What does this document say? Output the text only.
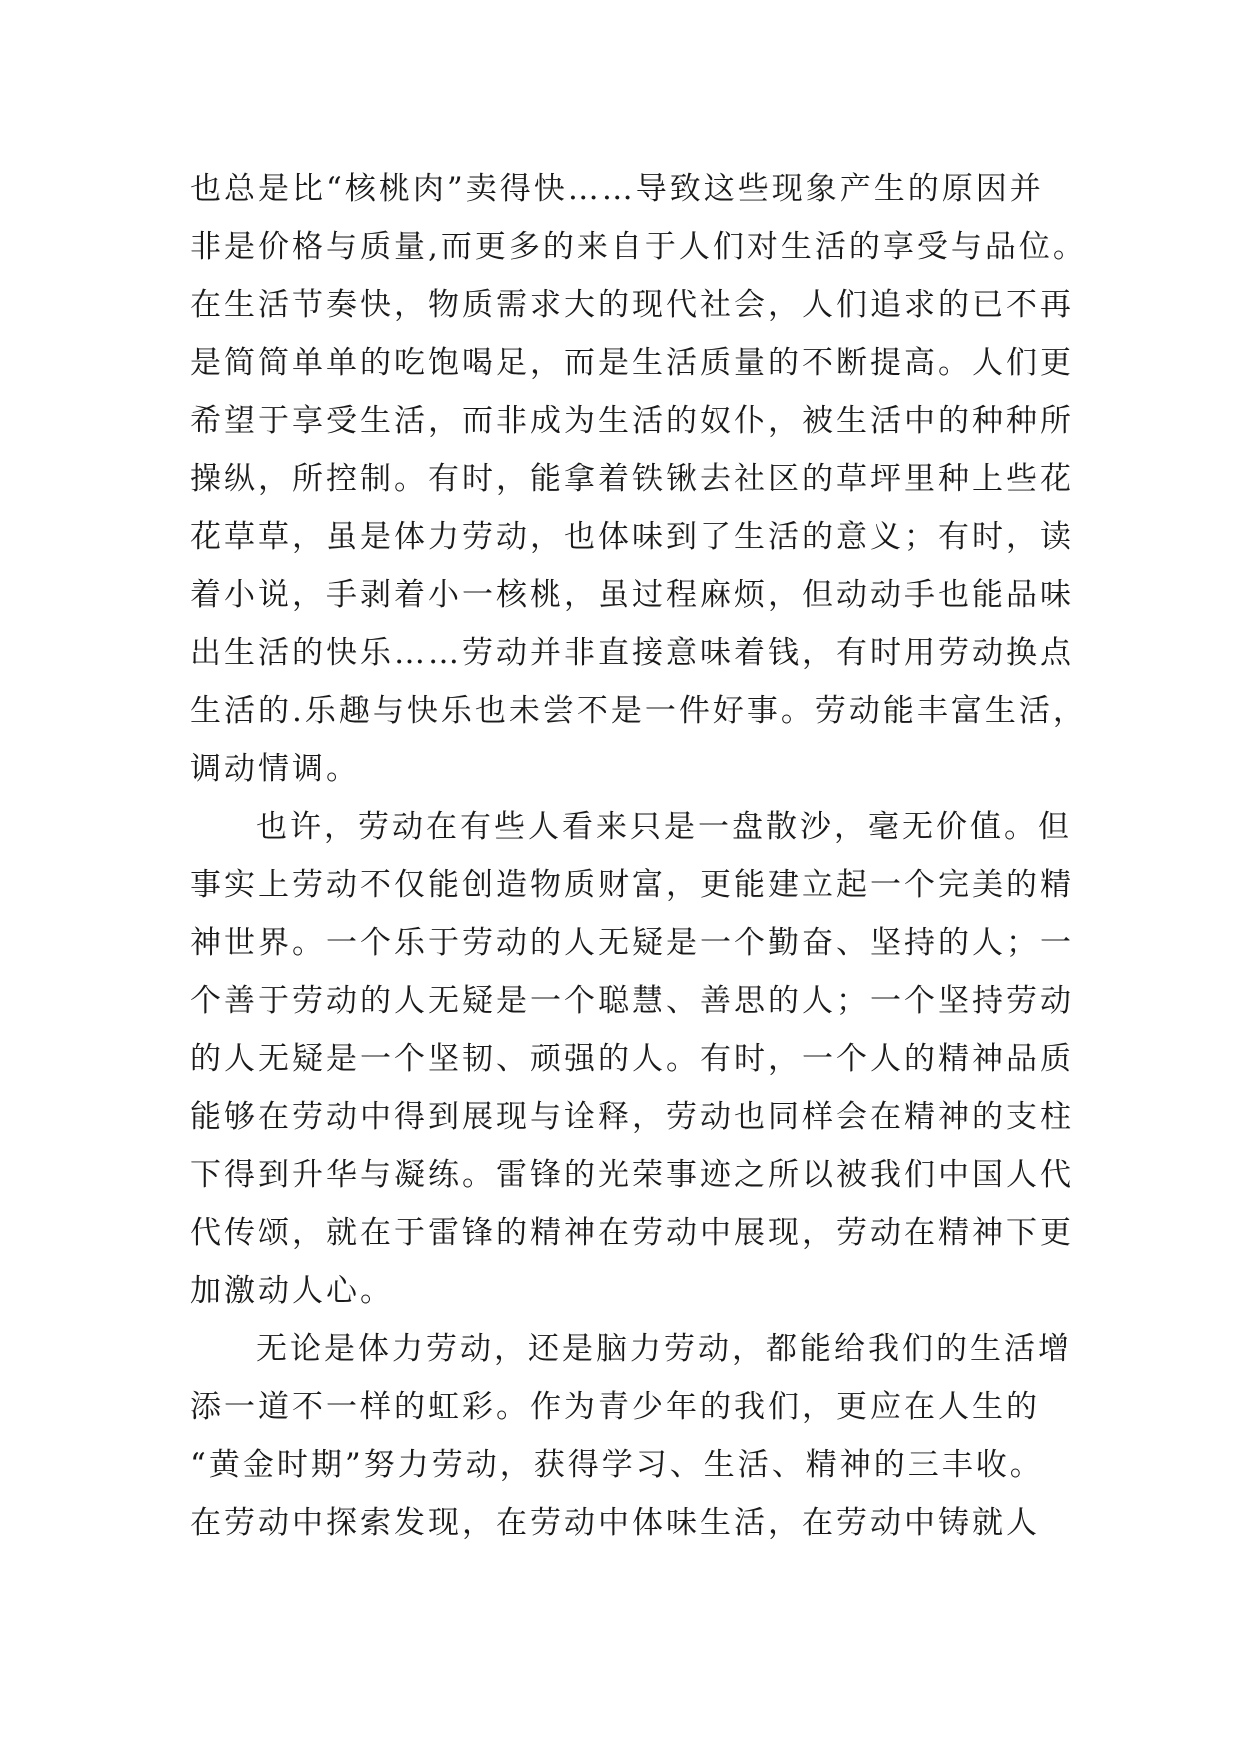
也总是比“核桃肉”卖得快……导致这些现象产生的原因并
非是价格与质量,而更多的来自于人们对生活的享受与品位。
在生活节奏快，物质需求大的现代社会，人们追求的已不再
是简简单单的吃饱喝足，而是生活质量的不断提高。人们更
希望于享受生活，而非成为生活的奴仆，被生活中的种种所
操纵，所控制。有时，能拿着铁锹去社区的草坪里种上些花
花草草，虽是体力劳动，也体味到了生活的意义；有时，读
着小说，手剥着小一核桃，虽过程麻烦，但动动手也能品味
出生活的快乐……劳动并非直接意味着钱，有时用劳动换点
生活的.乐趣与快乐也未尝不是一件好事。劳动能丰富生活，
调动情调。
也许，劳动在有些人看来只是一盘散沙，毫无价值。但
事实上劳动不仅能创造物质财富，更能建立起一个完美的精
神世界。一个乐于劳动的人无疑是一个勤奋、坚持的人；一
个善于劳动的人无疑是一个聪慧、善思的人；一个坚持劳动
的人无疑是一个坚韧、顽强的人。有时，一个人的精神品质
能够在劳动中得到展现与诠释，劳动也同样会在精神的支柱
下得到升华与凝练。雷锋的光荣事迹之所以被我们中国人代
代传颂，就在于雷锋的精神在劳动中展现，劳动在精神下更
加激动人心。
无论是体力劳动，还是脑力劳动，都能给我们的生活增
添一道不一样的虹彩。作为青少年的我们，更应在人生的
“黄金时期”努力劳动，获得学习、生活、精神的三丰收。
在劳动中探索发现，在劳动中体味生活，在劳动中铸就人
